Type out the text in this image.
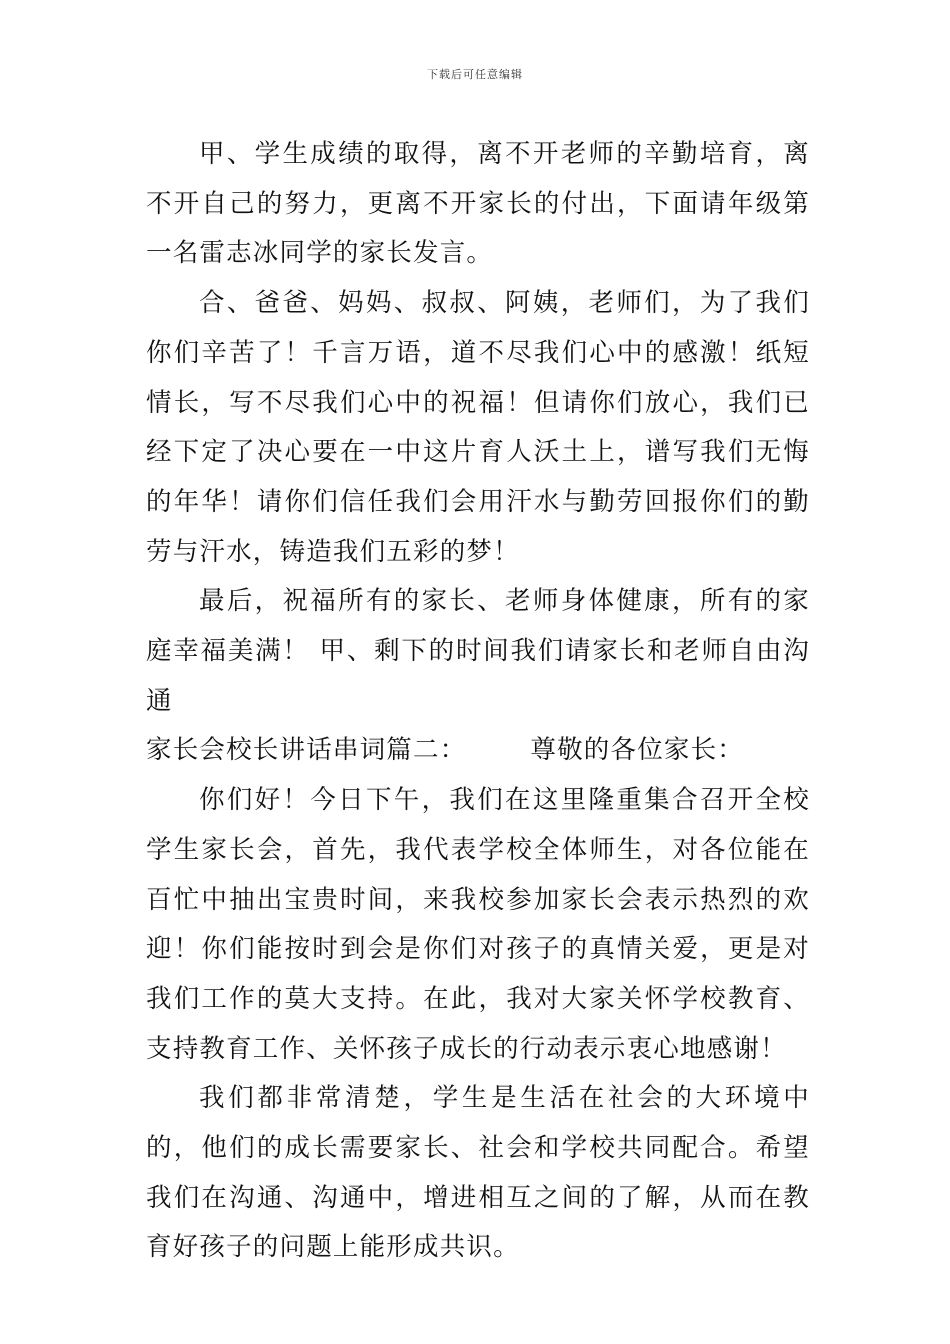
下载后可任意编辑

甲、学生成绩的取得，离不开老师的辛勤培育，离不开自己的努力，更离不开家长的付出，下面请年级第一名雷志冰同学的家长发言。

合、爸爸、妈妈、叔叔、阿姨，老师们，为了我们你们辛苦了！千言万语，道不尽我们心中的感激！纸短情长，写不尽我们心中的祝福！但请你们放心，我们已经下定了决心要在一中这片育人沃土上，谱写我们无悔的年华！请你们信任我们会用汗水与勤劳回报你们的勤劳与汗水，铸造我们五彩的梦！

最后，祝福所有的家长、老师身体健康，所有的家庭幸福美满！ 甲、剩下的时间我们请家长和老师自由沟通

家长会校长讲话串词篇二：	尊敬的各位家长：

你们好！今日下午，我们在这里隆重集合召开全校学生家长会，首先，我代表学校全体师生，对各位能在百忙中抽出宝贵时间，来我校参加家长会表示热烈的欢迎！你们能按时到会是你们对孩子的真情关爱，更是对我们工作的莫大支持。在此，我对大家关怀学校教育、支持教育工作、关怀孩子成长的行动表示衷心地感谢！

我们都非常清楚，学生是生活在社会的大环境中的，他们的成长需要家长、社会和学校共同配合。希望我们在沟通、沟通中，增进相互之间的了解，从而在教育好孩子的问题上能形成共识。
